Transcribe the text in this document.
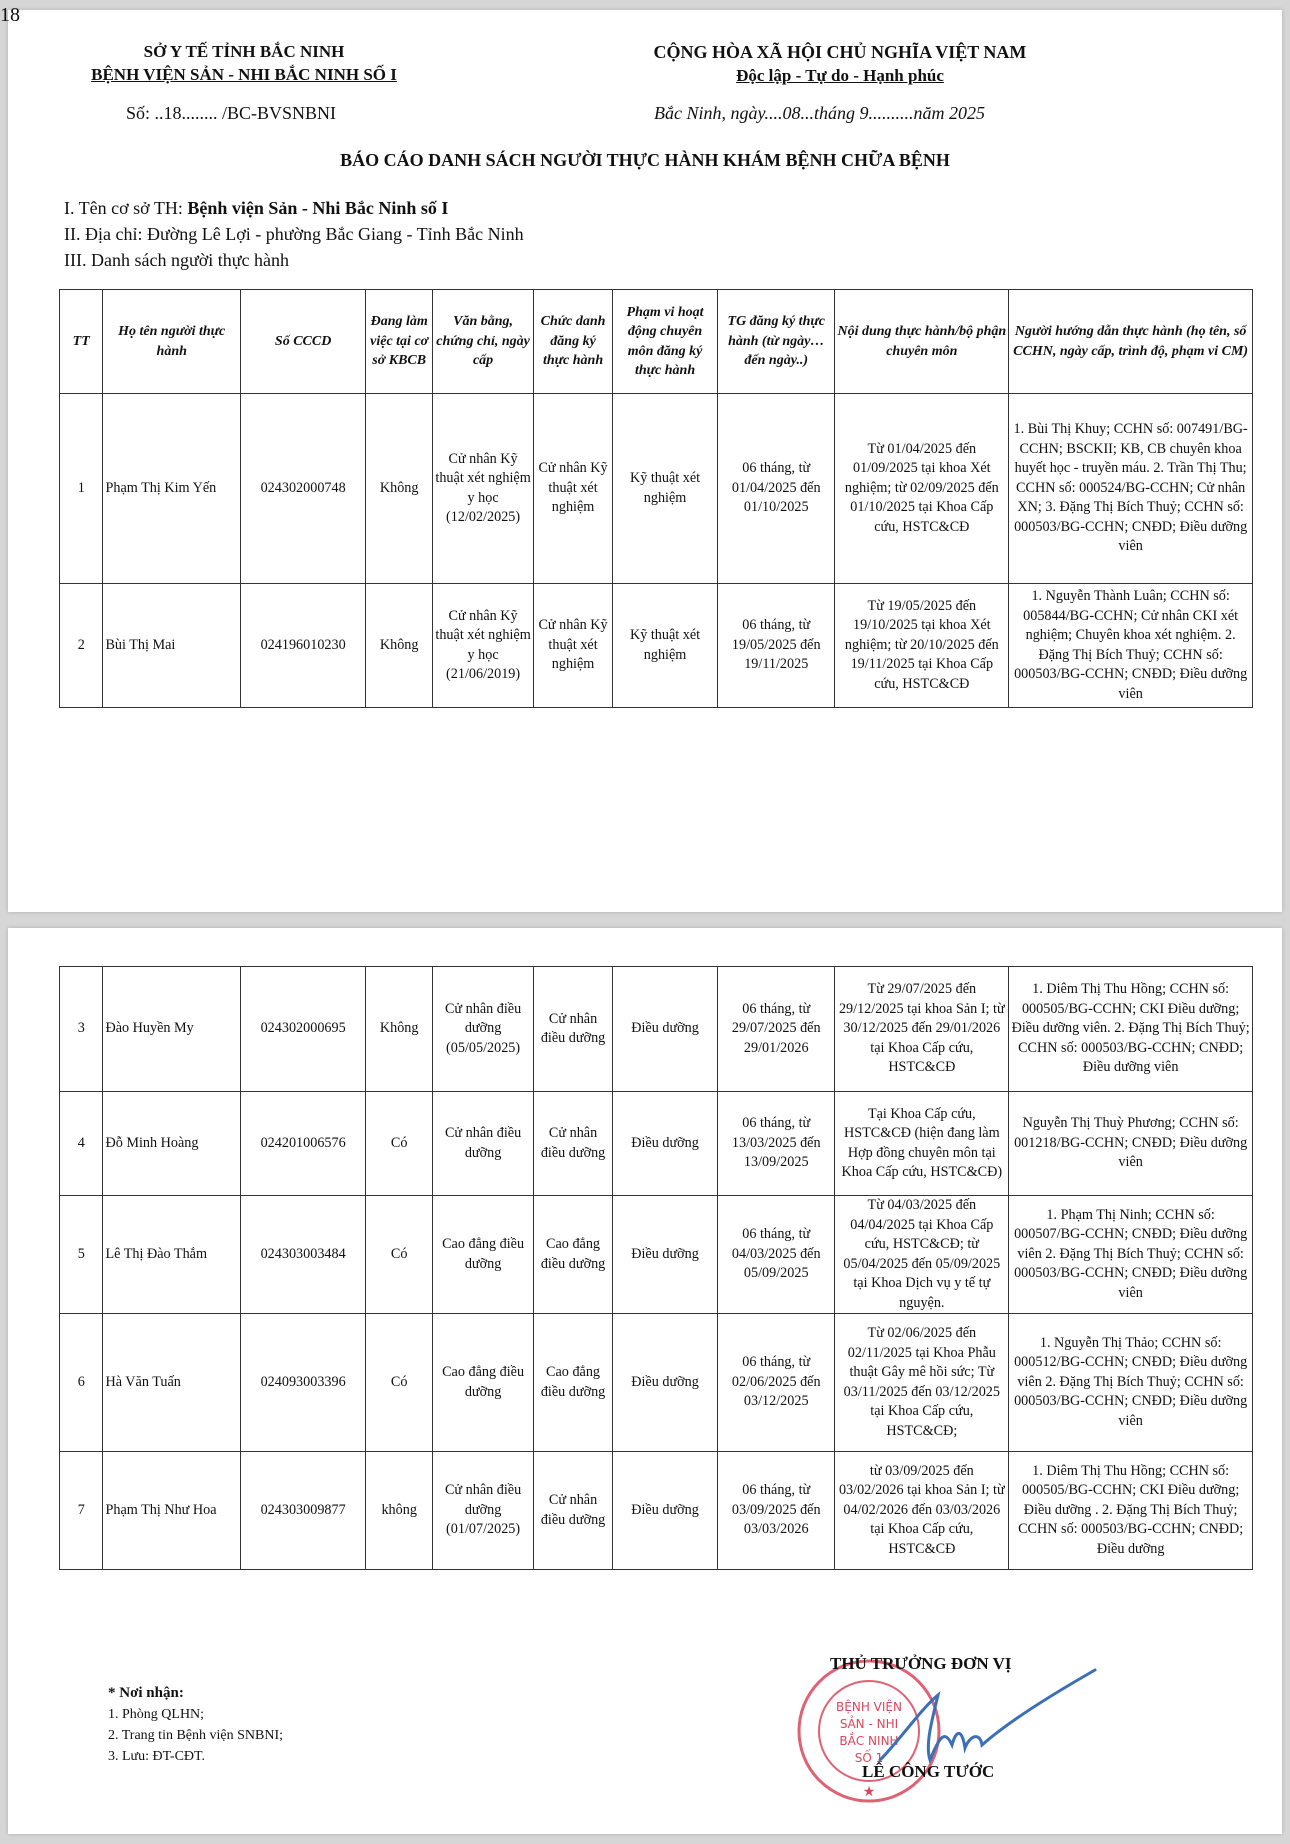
18
SỞ Y TẾ TỈNH BẮC NINH
BỆNH VIỆN SẢN - NHI BẮC NINH SỐ I
CỘNG HÒA XÃ HỘI CHỦ NGHĨA VIỆT NAM
Độc lập - Tự do - Hạnh phúc
Số: ..18........ /BC-BVSNBNI	Bắc Ninh, ngày....08...tháng 9..........năm 2025
BÁO CÁO DANH SÁCH NGƯỜI THỰC HÀNH KHÁM BỆNH CHỮA BỆNH
I. Tên cơ sở TH: Bệnh viện Sản - Nhi Bắc Ninh số I
II. Địa chỉ: Đường Lê Lợi - phường Bắc Giang - Tỉnh Bắc Ninh
III. Danh sách người thực hành
TT	Họ tên người thực hành	Số CCCD	Đang làm việc tại cơ sở KBCB	Văn bằng, chứng chỉ, ngày cấp	Chức danh đăng ký thực hành	Phạm vi hoạt động chuyên môn đăng ký thực hành	TG đăng ký thực hành (từ ngày…đến ngày..)	Nội dung thực hành/bộ phận chuyên môn	Người hướng dẫn thực hành (họ tên, số CCHN, ngày cấp, trình độ, phạm vi CM)
1	Phạm Thị Kim Yến	024302000748	Không	Cử nhân Kỹ thuật xét nghiệm y học (12/02/2025)	Cử nhân Kỹ thuật xét nghiệm	Kỹ thuật xét nghiệm	06 tháng, từ 01/04/2025 đến 01/10/2025	Từ 01/04/2025 đến 01/09/2025 tại khoa Xét nghiệm; từ 02/09/2025 đến 01/10/2025 tại Khoa Cấp cứu, HSTC&CĐ	1. Bùi Thị Khuy; CCHN số: 007491/BG-CCHN; BSCKII; KB, CB chuyên khoa huyết học - truyền máu. 2. Trần Thị Thu; CCHN số: 000524/BG-CCHN; Cử nhân XN; 3. Đặng Thị Bích Thuỷ; CCHN số: 000503/BG-CCHN; CNĐD; Điều dưỡng viên
2	Bùi Thị Mai	024196010230	Không	Cử nhân Kỹ thuật xét nghiệm y học (21/06/2019)	Cử nhân Kỹ thuật xét nghiệm	Kỹ thuật xét nghiệm	06 tháng, từ 19/05/2025 đến 19/11/2025	Từ 19/05/2025 đến 19/10/2025 tại khoa Xét nghiệm; từ 20/10/2025 đến 19/11/2025 tại Khoa Cấp cứu, HSTC&CĐ	1. Nguyễn Thành Luân; CCHN số: 005844/BG-CCHN; Cử nhân CKI xét nghiệm; Chuyên khoa xét nghiệm. 2. Đặng Thị Bích Thuỷ; CCHN số: 000503/BG-CCHN; CNĐD; Điều dưỡng viên
3	Đào Huyền My	024302000695	Không	Cử nhân điều dưỡng (05/05/2025)	Cử nhân điều dưỡng	Điều dưỡng	06 tháng, từ 29/07/2025 đến 29/01/2026	Từ 29/07/2025 đến 29/12/2025 tại khoa Sản I; từ 30/12/2025 đến 29/01/2026 tại Khoa Cấp cứu, HSTC&CĐ	1. Diêm Thị Thu Hồng; CCHN số: 000505/BG-CCHN; CKI Điều dưỡng; Điều dưỡng viên. 2. Đặng Thị Bích Thuỷ; CCHN số: 000503/BG-CCHN; CNĐD; Điều dưỡng viên
4	Đỗ Minh Hoàng	024201006576	Có	Cử nhân điều dưỡng	Cử nhân điều dưỡng	Điều dưỡng	06 tháng, từ 13/03/2025 đến 13/09/2025	Tại Khoa Cấp cứu, HSTC&CĐ (hiện đang làm Hợp đồng chuyên môn tại Khoa Cấp cứu, HSTC&CĐ)	Nguyễn Thị Thuỳ Phương; CCHN số: 001218/BG-CCHN; CNĐD; Điều dưỡng viên
5	Lê Thị Đào Thắm	024303003484	Có	Cao đẳng điều dưỡng	Cao đẳng điều dưỡng	Điều dưỡng	06 tháng, từ 04/03/2025 đến 05/09/2025	Từ 04/03/2025 đến 04/04/2025 tại Khoa Cấp cứu, HSTC&CĐ; từ 05/04/2025 đến 05/09/2025 tại Khoa Dịch vụ y tế tự nguyện.	1. Phạm Thị Ninh; CCHN số: 000507/BG-CCHN; CNĐD; Điều dưỡng viên 2. Đặng Thị Bích Thuỷ; CCHN số: 000503/BG-CCHN; CNĐD; Điều dưỡng viên
6	Hà Văn Tuấn	024093003396	Có	Cao đẳng điều dưỡng	Cao đẳng điều dưỡng	Điều dưỡng	06 tháng, từ 02/06/2025 đến 03/12/2025	Từ 02/06/2025 đến 02/11/2025 tại Khoa Phẫu thuật Gây mê hồi sức; Từ 03/11/2025 đến 03/12/2025 tại Khoa Cấp cứu, HSTC&CĐ;	1. Nguyễn Thị Thảo; CCHN số: 000512/BG-CCHN; CNĐD; Điều dưỡng viên 2. Đặng Thị Bích Thuỷ; CCHN số: 000503/BG-CCHN; CNĐD; Điều dưỡng viên
7	Phạm Thị Như Hoa	024303009877	không	Cử nhân điều dưỡng (01/07/2025)	Cử nhân điều dưỡng	Điều dưỡng	06 tháng, từ 03/09/2025 đến 03/03/2026	từ 03/09/2025 đến 03/02/2026 tại khoa Sản I; từ 04/02/2026 đến 03/03/2026 tại Khoa Cấp cứu, HSTC&CĐ	1. Diêm Thị Thu Hồng; CCHN số: 000505/BG-CCHN; CKI Điều dưỡng; Điều dưỡng . 2. Đặng Thị Bích Thuỷ; CCHN số: 000503/BG-CCHN; CNĐD; Điều dưỡng
* Nơi nhận:
1. Phòng QLHN;
2. Trang tin Bệnh viện SNBNI;
3. Lưu: ĐT-CĐT.
BỆNH VIỆN
SẢN - NHI
BẮC NINH
SỐ 1
★
THỦ TRƯỞNG ĐƠN VỊ
LÊ CÔNG TƯỚC
